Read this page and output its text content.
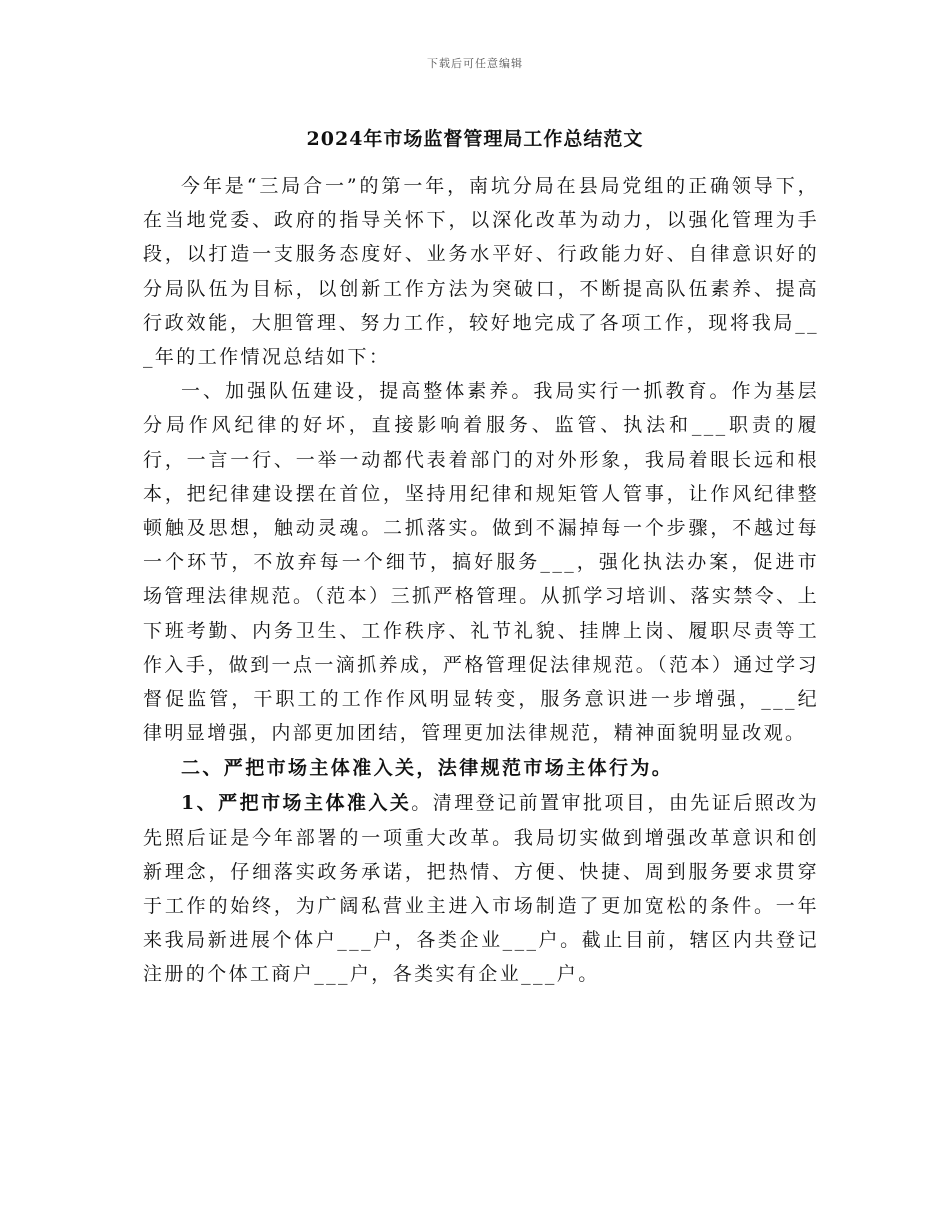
下载后可任意编辑
2024年市场监督管理局工作总结范文

今年是“三局合一”的第一年，南坑分局在县局党组的正确领导下，在当地党委、政府的指导关怀下，以深化改革为动力，以强化管理为手段，以打造一支服务态度好、业务水平好、行政能力好、自律意识好的分局队伍为目标，以创新工作方法为突破口，不断提高队伍素养、提高行政效能，大胆管理、努力工作，较好地完成了各项工作，现将我局___年的工作情况总结如下：

一、加强队伍建设，提高整体素养。我局实行一抓教育。作为基层分局作风纪律的好坏，直接影响着服务、监管、执法和___职责的履行，一言一行、一举一动都代表着部门的对外形象，我局着眼长远和根本，把纪律建设摆在首位，坚持用纪律和规矩管人管事，让作风纪律整顿触及思想，触动灵魂。二抓落实。做到不漏掉每一个步骤，不越过每一个环节，不放弃每一个细节，搞好服务___，强化执法办案，促进市场管理法律规范。（范本）三抓严格管理。从抓学习培训、落实禁令、上下班考勤、内务卫生、工作秩序、礼节礼貌、挂牌上岗、履职尽责等工作入手，做到一点一滴抓养成，严格管理促法律规范。（范本）通过学习督促监管，干职工的工作作风明显转变，服务意识进一步增强，___纪律明显增强，内部更加团结，管理更加法律规范，精神面貌明显改观。

二、严把市场主体准入关，法律规范市场主体行为。

1、严把市场主体准入关。清理登记前置审批项目，由先证后照改为先照后证是今年部署的一项重大改革。我局切实做到增强改革意识和创新理念，仔细落实政务承诺，把热情、方便、快捷、周到服务要求贯穿于工作的始终，为广阔私营业主进入市场制造了更加宽松的条件。一年来我局新进展个体户___户，各类企业___户。截止目前，辖区内共登记注册的个体工商户___户，各类实有企业___户。
